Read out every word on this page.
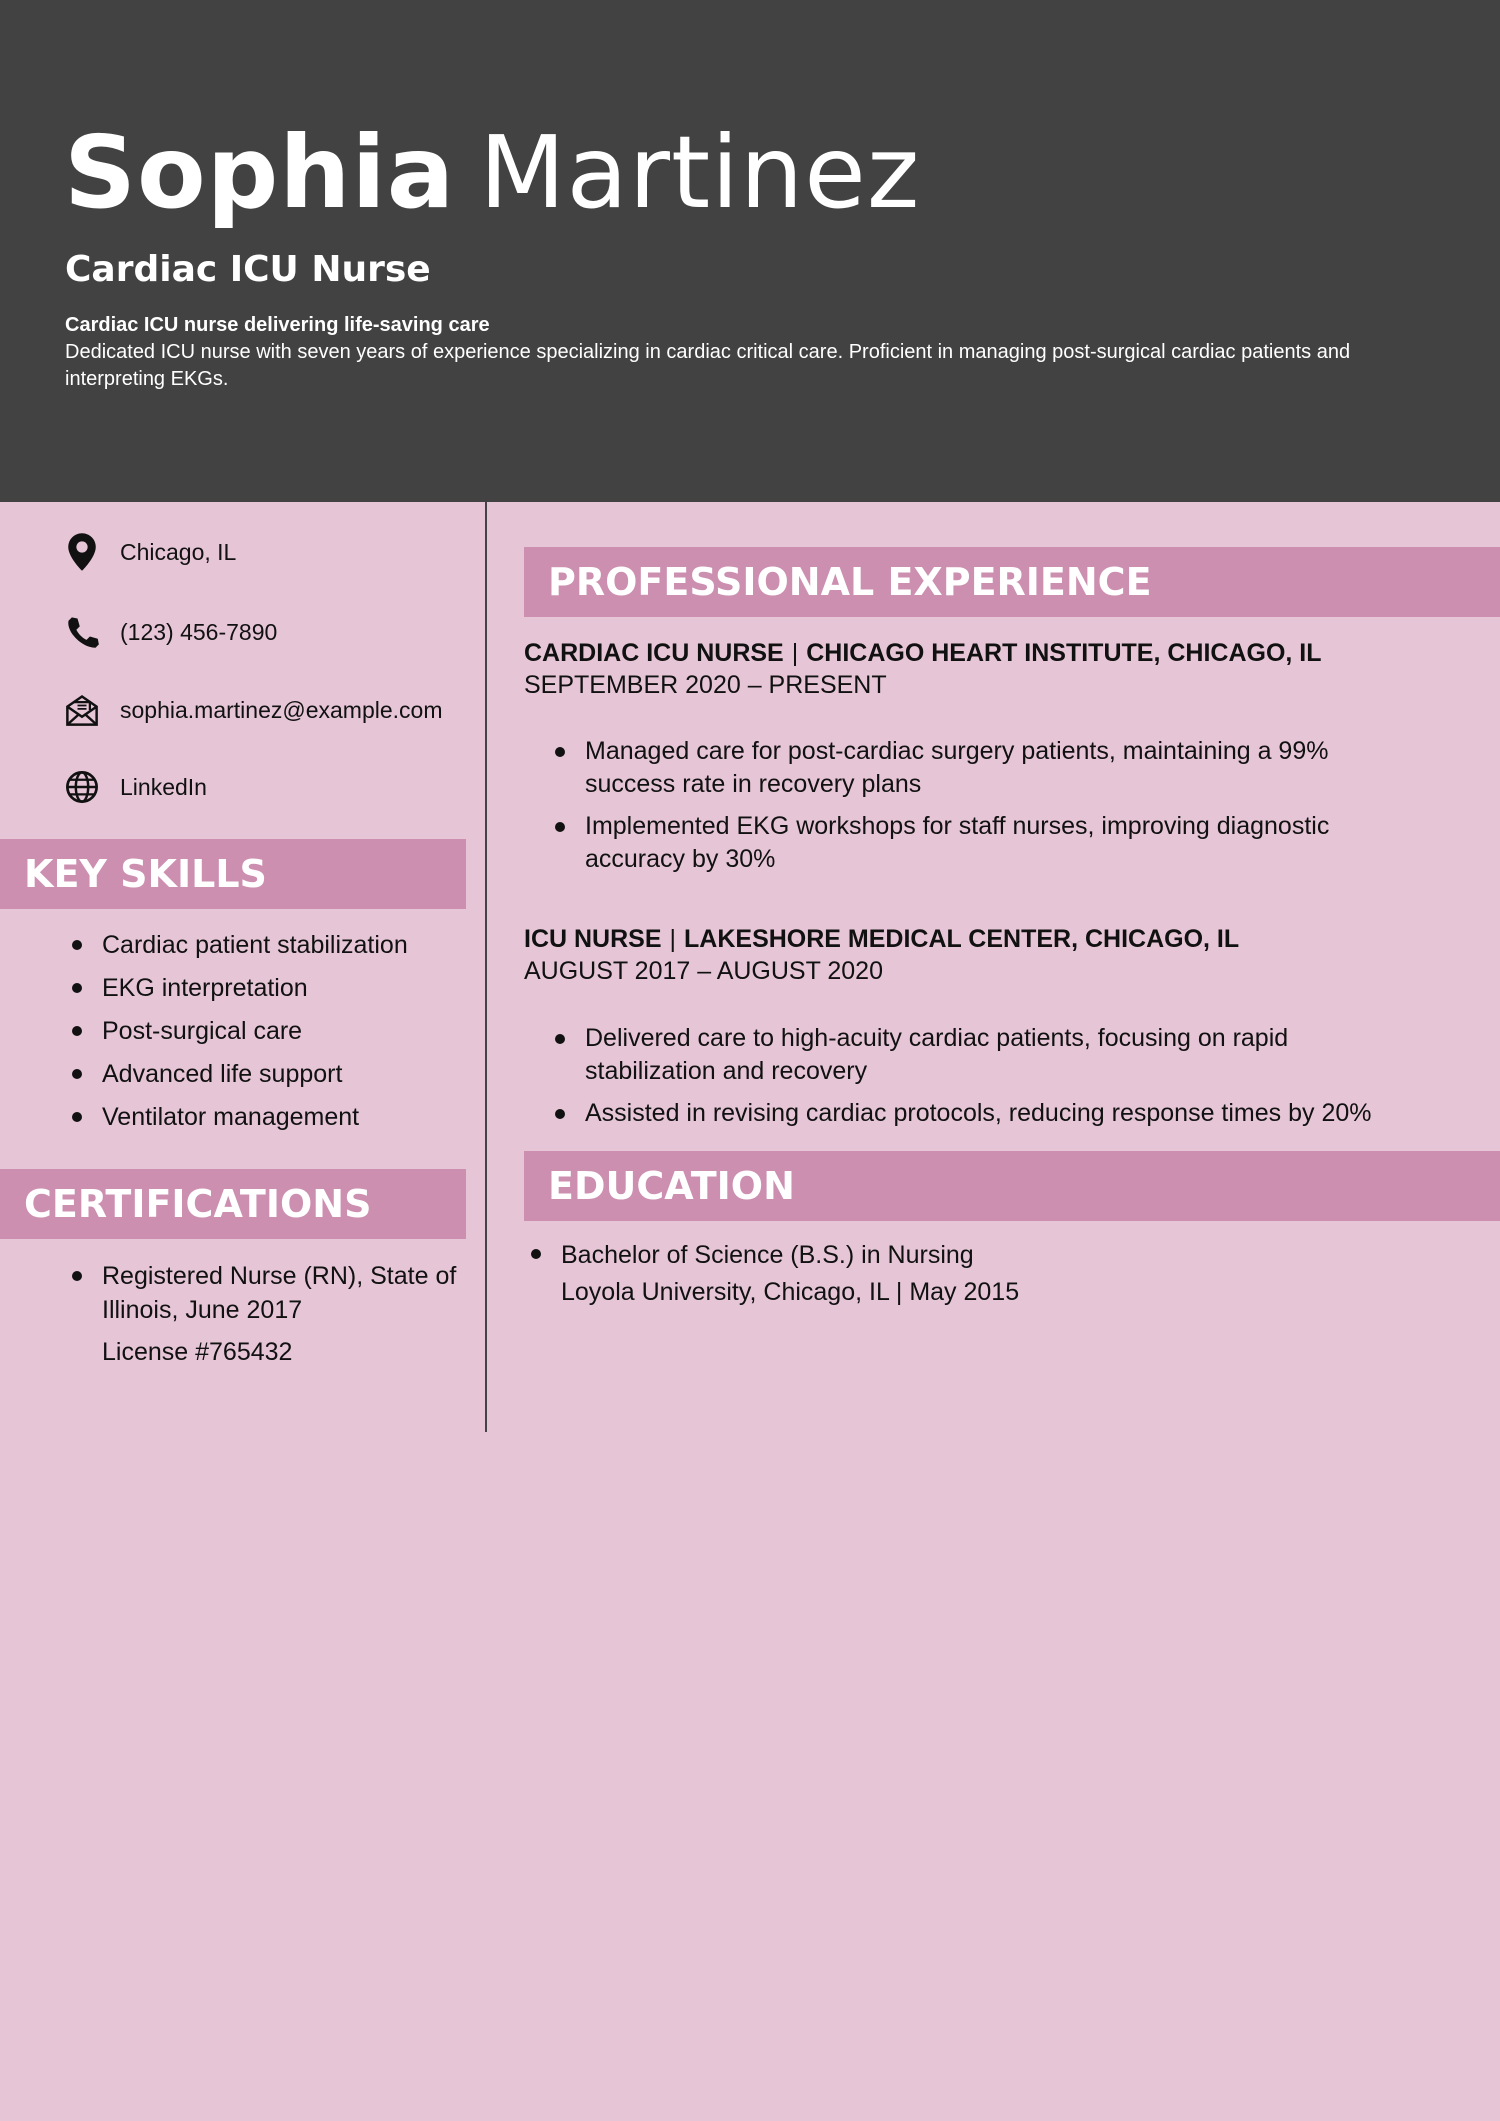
Sophia Martinez
Cardiac ICU Nurse
Cardiac ICU nurse delivering life-saving care
Dedicated ICU nurse with seven years of experience specializing in cardiac critical care. Proficient in managing post-surgical cardiac patients and interpreting EKGs.
Chicago, IL
(123) 456-7890
sophia.martinez@example.com
LinkedIn
KEY SKILLS
Cardiac patient stabilization
EKG interpretation
Post-surgical care
Advanced life support
Ventilator management
CERTIFICATIONS
Registered Nurse (RN), State of
Illinois, June 2017
License #765432
PROFESSIONAL EXPERIENCE
CARDIAC ICU NURSE | CHICAGO HEART INSTITUTE, CHICAGO, IL
SEPTEMBER 2020 – PRESENT
Managed care for post-cardiac surgery patients, maintaining a 99% success rate in recovery plans
Implemented EKG workshops for staff nurses, improving diagnostic accuracy by 30%
ICU NURSE | LAKESHORE MEDICAL CENTER, CHICAGO, IL
AUGUST 2017 – AUGUST 2020
Delivered care to high-acuity cardiac patients, focusing on rapid stabilization and recovery
Assisted in revising cardiac protocols, reducing response times by 20%
EDUCATION
Bachelor of Science (B.S.) in Nursing
Loyola University, Chicago, IL | May 2015
